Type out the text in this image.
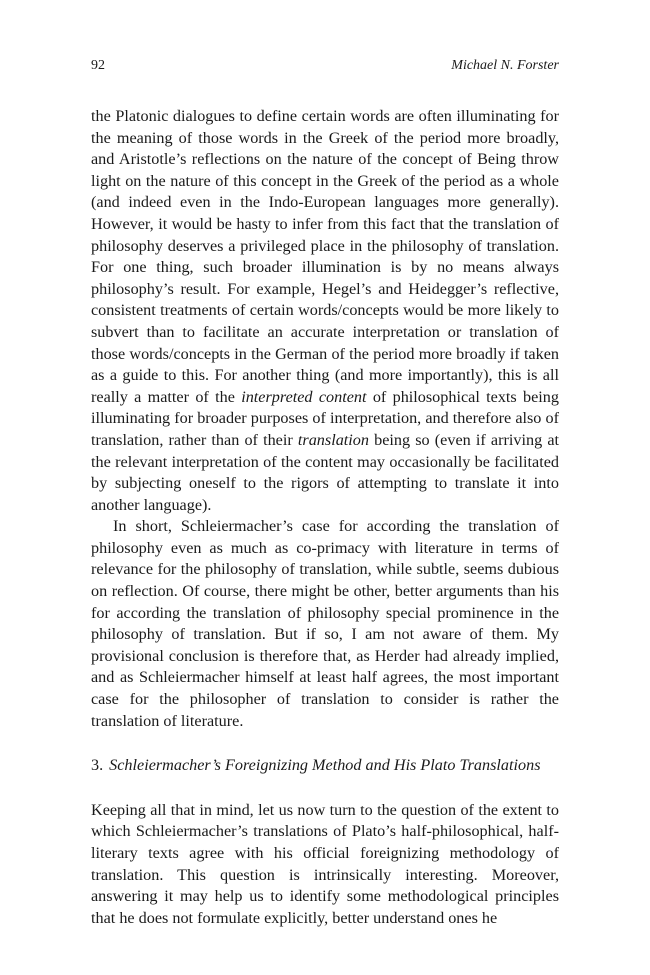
92	Michael N. Forster

the Platonic dialogues to define certain words are often illuminating for the meaning of those words in the Greek of the period more broadly, and Aristotle’s reflections on the nature of the concept of Being throw light on the nature of this concept in the Greek of the period as a whole (and indeed even in the Indo-European languages more generally). However, it would be hasty to infer from this fact that the translation of philosophy deserves a privileged place in the philosophy of translation. For one thing, such broader illumination is by no means always philosophy’s result. For example, Hegel’s and Heidegger’s reflective, consistent treatments of certain words/concepts would be more likely to subvert than to facilitate an accurate interpretation or translation of those words/concepts in the German of the period more broadly if taken as a guide to this. For another thing (and more importantly), this is all really a matter of the interpreted content of philosophical texts being illuminating for broader purposes of interpretation, and therefore also of translation, rather than of their translation being so (even if arriving at the relevant interpretation of the content may occasionally be facilitated by subjecting oneself to the rigors of attempting to translate it into another language).

In short, Schleiermacher’s case for according the translation of philosophy even as much as co-primacy with literature in terms of relevance for the philosophy of translation, while subtle, seems dubious on reflection. Of course, there might be other, better arguments than his for according the translation of philosophy special prominence in the philosophy of translation. But if so, I am not aware of them. My provisional conclusion is therefore that, as Herder had already implied, and as Schleiermacher himself at least half agrees, the most important case for the philosopher of translation to consider is rather the translation of literature.

3. Schleiermacher’s Foreignizing Method and His Plato Translations

Keeping all that in mind, let us now turn to the question of the extent to which Schleiermacher’s translations of Plato’s half-philosophical, half-literary texts agree with his official foreignizing methodology of translation. This question is intrinsically interesting. Moreover, answering it may help us to identify some methodological principles that he does not formulate explicitly, better understand ones he
